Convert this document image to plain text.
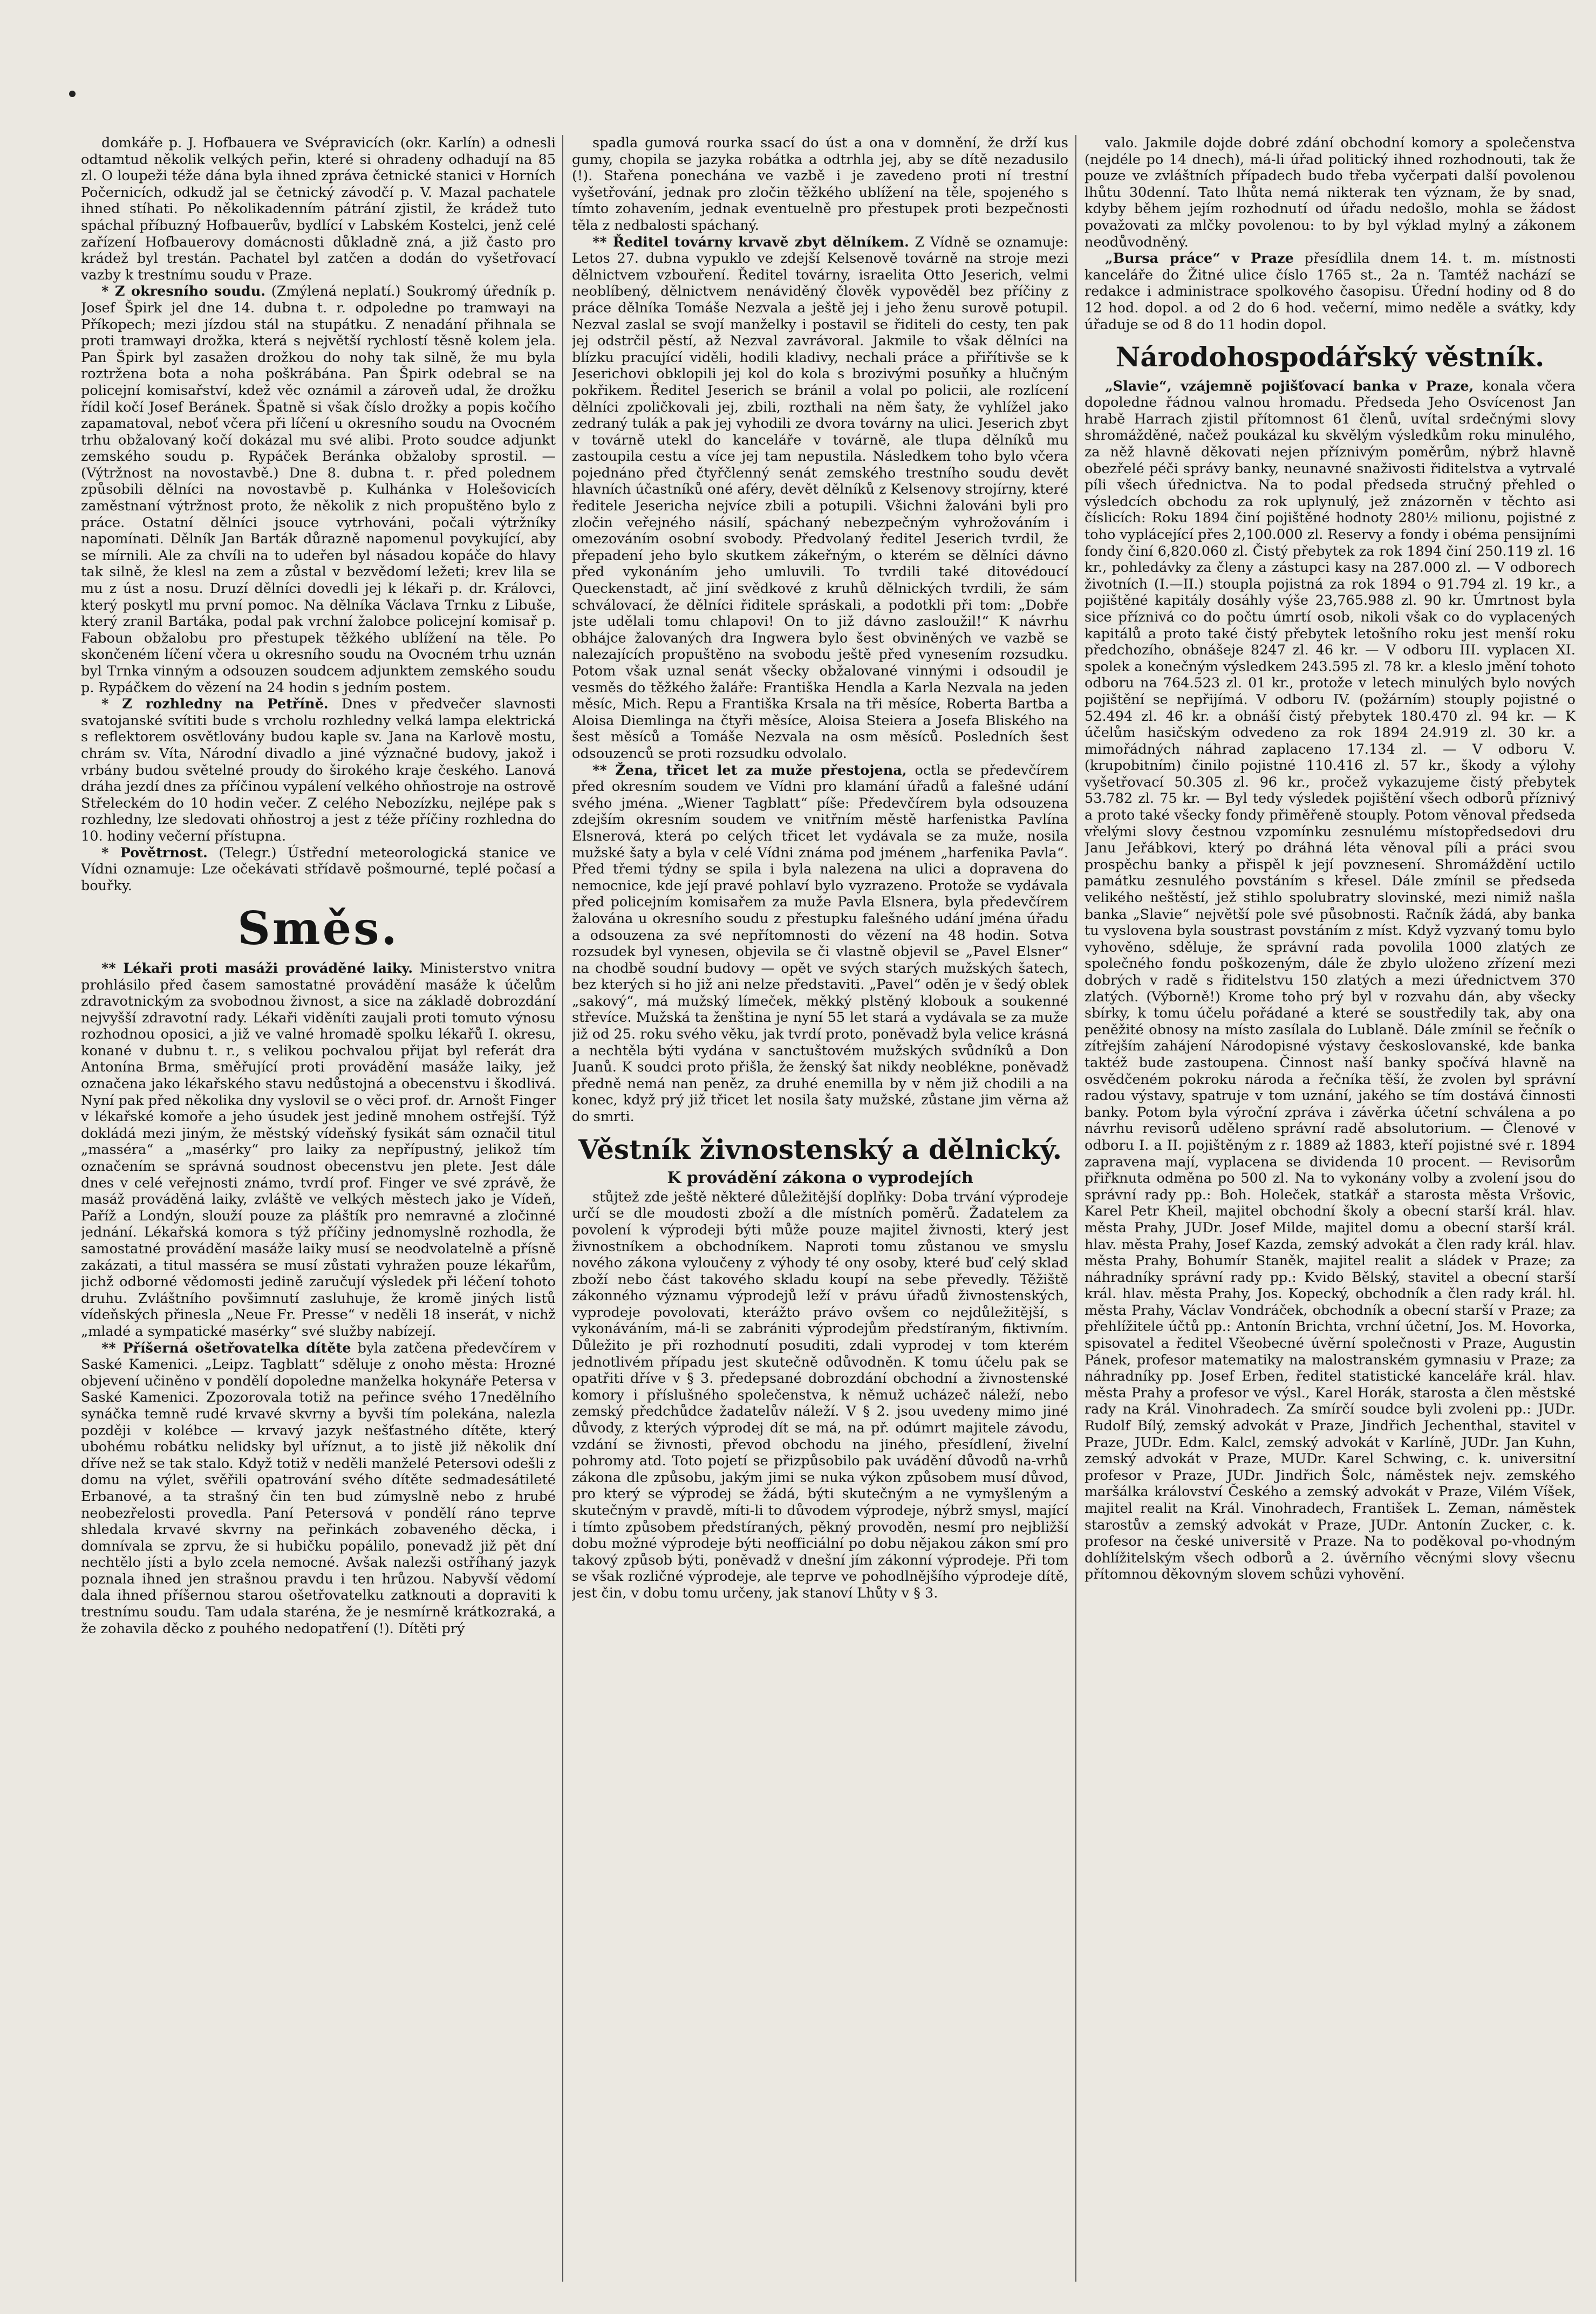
domkáře p. J. Hofbauera ve Svépravicích (okr. Karlín) a odnesli odtamtud několik velkých peřin, které si ohradeny odhadují na 85 zl. O loupeži téže dána byla ihned zpráva četnické stanici v Horních Počernicích, odkudž jal se četnický závodčí p. V. Mazal pachatele ihned stíhati. Po několikadenním pátrání zjistil, že krádež tuto spáchal příbuzný Hofbauerův, bydlící v Labském Kostelci, jenž celé zařízení Hofbauerovy domácnosti důkladně zná, a již často pro krádež byl trestán. Pachatel byl zatčen a dodán do vyšetřovací vazby k trestnímu soudu v Praze.

* Z okresního soudu. (Zmýlená neplatí.) Soukromý úředník p. Josef Špirk jel dne 14. dubna t. r. odpoledne po tramwayi na Příkopech; mezi jízdou stál na stupátku. Z nenadání přihnala se proti tramwayi drožka, která s největší rychlostí těsně kolem jela. Pan Špirk byl zasažen drožkou do nohy tak silně, že mu byla roztržena bota a noha poškrábána. Pan Špirk odebral se na policejní komisařství, kdež věc oznámil a zároveň udal, že drožku řídil kočí Josef Beránek. Špatně si však číslo drožky a popis kočího zapamatoval, neboť včera při líčení u okresního soudu na Ovocném trhu obžalovaný kočí dokázal mu své alibi. Proto soudce adjunkt zemského soudu p. Rypáček Beránka obžaloby sprostil. — (Výtržnost na novostavbě.) Dne 8. dubna t. r. před polednem způsobili dělníci na novostavbě p. Kulhánka v Holešovicích zaměstnaní výtržnost proto, že několik z nich propuštěno bylo z práce. Ostatní dělníci jsouce vytrhováni, počali výtržníky napomínati. Dělník Jan Barták důrazně napomenul povykující, aby se mírnili. Ale za chvíli na to udeřen byl násadou kopáče do hlavy tak silně, že klesl na zem a zůstal v bezvědomí ležeti; krev lila se mu z úst a nosu. Druzí dělníci dovedli jej k lékaři p. dr. Královci, který poskytl mu první pomoc. Na dělníka Václava Trnku z Libuše, který zranil Bartáka, podal pak vrchní žalobce policejní komisař p. Faboun obžalobu pro přestupek těžkého ublížení na těle. Po skončeném líčení včera u okresního soudu na Ovocném trhu uznán byl Trnka vinným a odsouzen soudcem adjunktem zemského soudu p. Rypáčkem do vězení na 24 hodin s jedním postem.

* Z rozhledny na Petříně. Dnes v předvečer slavnosti svatojanské svítiti bude s vrcholu rozhledny velká lampa elektrická s reflektorem osvětlovány budou kaple sv. Jana na Karlově mostu, chrám sv. Víta, Národní divadlo a jiné význačné budovy, jakož i vrbány budou světelné proudy do širokého kraje českého. Lanová dráha jezdí dnes za příčinou vypálení velkého ohňostroje na ostrově Střeleckém do 10 hodin večer. Z celého Nebozízku, nejlépe pak s rozhledny, lze sledovati ohňostroj a jest z téže příčiny rozhledna do 10. hodiny večerní přístupna.

* Povětrnost. (Telegr.) Ústřední meteorologická stanice ve Vídni oznamuje: Lze očekávati střídavě pošmourné, teplé počasí a bouřky.

Směs.

** Lékaři proti masáži prováděné laiky. Ministerstvo vnitra prohlásilo před časem samostatné provádění masáže k účelům zdravotnickým za svobodnou živnost, a sice na základě dobrozdání nejvyšší zdravotní rady. Lékaři viděníti zaujali proti tomuto výnosu rozhodnou oposici, a již ve valné hromadě spolku lékařů I. okresu, konané v dubnu t. r., s velikou pochvalou přijat byl referát dra Antonína Brma, směřující proti provádění masáže laiky, jež označena jako lékařského stavu nedůstojná a obecenstvu i škodlivá. Nyní pak před několika dny vyslovil se o věci prof. dr. Arnošt Finger v lékařské komoře a jeho úsudek jest jedině mnohem ostřejší. Týž dokládá mezi jiným, že městský vídeňský fysikát sám označil titul „masséra“ a „masérky“ pro laiky za nepřípustný, jelikož tím označením se správná soudnost obecenstvu jen plete. Jest dále dnes v celé veřejnosti známo, tvrdí prof. Finger ve své zprávě, že masáž prováděná laiky, zvláště ve velkých městech jako je Vídeň, Paříž a Londýn, slouží pouze za pláštík pro nemravné a zločinné jednání. Lékařská komora s týž příčiny jednomyslně rozhodla, že samostatné provádění masáže laiky musí se neodvolatelně a přísně zakázati, a titul masséra se musí zůstati vyhražen pouze lékařům, jichž odborné vědomosti jedině zaručují výsledek při léčení tohoto druhu. Zvláštního povšimnutí zasluhuje, že kromě jiných listů vídeňských přinesla „Neue Fr. Presse“ v neděli 18 inserát, v nichž „mladé a sympatické masérky“ své služby nabízejí.

** Příšerná ošetřovatelka dítěte byla zatčena předevčírem v Saské Kamenici. „Leipz. Tagblatt“ sděluje z onoho města: Hrozné objevení učiněno v pondělí dopoledne manželka hokynáře Petersa v Saské Kamenici. Zpozorovala totiž na peřince svého 17nedělního synáčka temně rudé krvavé skvrny a byvši tím polekána, nalezla později v kolébce — krvavý jazyk nešťastného dítěte, který ubohému robátku nelidsky byl uříznut, a to jistě již několik dní dříve než se tak stalo. Když totiž v neděli manželé Petersovi odešli z domu na výlet, svěřili opatrování svého dítěte sedmadesátileté Erbanové, a ta strašný čin ten bud zúmyslně nebo z hrubé neobezřelosti provedla. Paní Petersová v pondělí ráno teprve shledala krvavé skvrny na peřinkách zobaveného děcka, i domnívala se zprvu, že si hubičku popálilo, ponevadž již pět dní nechtělo jísti a bylo zcela nemocné. Avšak nalezši ostříhaný jazyk poznala ihned jen strašnou pravdu i ten hrůzou. Nabyvší vědomí dala ihned příšernou starou ošetřovatelku zatknouti a dopraviti k trestnímu soudu. Tam udala staréna, že je nesmírně krátkozraká, a že zohavila děcko z pouhého nedopatření (!). Dítěti prý

spadla gumová rourka ssací do úst a ona v domnění, že drží kus gumy, chopila se jazyka robátka a odtrhla jej, aby se dítě nezadusilo (!). Stařena ponechána ve vazbě i je zavedeno proti ní trestní vyšetřování, jednak pro zločin těžkého ublížení na těle, spojeného s tímto zohavením, jednak eventuelně pro přestupek proti bezpečnosti těla z nedbalosti spáchaný.

** Ředitel továrny krvavě zbyt dělníkem. Z Vídně se oznamuje: Letos 27. dubna vypuklo ve zdejší Kelsenově továrně na stroje mezi dělnictvem vzbouření. Ředitel továrny, israelita Otto Jeserich, velmi neoblíbený, dělnictvem nenáviděný člověk vypověděl bez příčiny z práce dělníka Tomáše Nezvala a ještě jej i jeho ženu surově potupil. Nezval zaslal se svojí manželky i postavil se řiditeli do cesty, ten pak jej odstrčil pěstí, až Nezval zavrávoral. Jakmile to však dělníci na blízku pracující viděli, hodili kladivy, nechali práce a přiřítivše se k Jeserichovi obklopili jej kol do kola s brozivými posuňky a hlučným pokřikem. Ředitel Jeserich se bránil a volal po policii, ale rozlícení dělníci zpoličkovali jej, zbili, rozthali na něm šaty, že vyhlížel jako zedraný tulák a pak jej vyhodili ze dvora továrny na ulici. Jeserich zbyt v továrně utekl do kanceláře v továrně, ale tlupa dělníků mu zastoupila cestu a více jej tam nepustila. Následkem toho bylo včera pojednáno před čtyřčlenný senát zemského trestního soudu devět hlavních účastníků oné aféry, devět dělníků z Kelsenovy strojírny, které ředitele Jesericha nejvíce zbili a potupili. Všichni žalováni byli pro zločin veřejného násilí, spáchaný nebezpečným vyhrožováním i omezováním osobní svobody. Předvolaný ředitel Jeserich tvrdil, že přepadení jeho bylo skutkem zákeřným, o kterém se dělníci dávno před vykonáním jeho umluvili. To tvrdili také ditovédoucí Queckenstadt, ač jiní svědkové z kruhů dělnických tvrdili, že sám schválovací, že dělníci řiditele spráskali, a podotkli při tom: „Dobře jste udělali tomu chlapovi! On to již dávno zasloužil!“ K návrhu obhájce žalovaných dra Ingwera bylo šest obviněných ve vazbě se nalezajících propuštěno na svobodu ještě před vynesením rozsudku. Potom však uznal senát všecky obžalované vinnými i odsoudil je vesměs do těžkého žaláře: Františka Hendla a Karla Nezvala na jeden měsíc, Mich. Repu a Františka Krsala na tři měsíce, Roberta Bartba a Aloisa Diemlinga na čtyři měsíce, Aloisa Steiera a Josefa Bliského na šest měsíců a Tomáše Nezvala na osm měsíců. Posledních šest odsouzenců se proti rozsudku odvolalo.

** Žena, třicet let za muže přestojena, octla se předevčírem před okresním soudem ve Vídni pro klamání úřadů a falešné udání svého jména. „Wiener Tagblatt“ píše: Předevčírem byla odsouzena zdejším okresním soudem ve vnitřním městě harfenistka Pavlína Elsnerová, která po celých třicet let vydávala se za muže, nosila mužské šaty a byla v celé Vídni známa pod jménem „harfenika Pavla“. Před třemi týdny se spila i byla nalezena na ulici a dopravena do nemocnice, kde její pravé pohlaví bylo vyzrazeno. Protože se vydávala před policejním komisařem za muže Pavla Elsnera, byla předevčírem žalována u okresního soudu z přestupku falešného udání jména úřadu a odsouzena za své nepřítomnosti do vězení na 48 hodin. Sotva rozsudek byl vynesen, objevila se či vlastně objevil se „Pavel Elsner“ na chodbě soudní budovy — opět ve svých starých mužských šatech, bez kterých si ho již ani nelze představiti. „Pavel“ oděn je v šedý oblek „sakový“, má mužský límeček, měkký plstěný klobouk a soukenné střevíce. Mužská ta ženština je nyní 55 let stará a vydávala se za muže již od 25. roku svého věku, jak tvrdí proto, poněvadž byla velice krásná a nechtěla býti vydána v sanctuštovém mužských svůdníků a Don Juanů. K soudci proto přišla, že ženský šat nikdy neoblékne, poněvadž předně nemá nan peněz, za druhé enemilla by v něm již chodili a na konec, když prý již třicet let nosila šaty mužské, zůstane jim věrna až do smrti.

Věstník živnostenský a dělnický.
K provádění zákona o vyprodejích

stůjtež zde ještě některé důležitější doplňky: Doba trvání výprodeje určí se dle moudosti zboží a dle místních poměrů. Žadatelem za povolení k výprodeji býti může pouze majitel živnosti, který jest živnostníkem a obchodníkem. Naproti tomu zůstanou ve smyslu nového zákona vyloučeny z výhody té ony osoby, které buď celý sklad zboží nebo část takového skladu koupí na sebe převedly. Těžiště zákonného významu výprodejů leží v právu úřadů živnostenských, vyprodeje povolovati, kterážto právo ovšem co nejdůležitější, s vykonáváním, má-li se zabrániti výprodejům předstíraným, fiktivním. Důležito je při rozhodnutí posuditi, zdali vyprodej v tom kterém jednotlivém případu jest skutečně odůvodněn. K tomu účelu pak se opatřiti dříve v § 3. předepsané dobrozdání obchodní a živnostenské komory i příslušného společenstva, k němuž ucházeč náleží, nebo zemský předchůdce žadatelův náleží. V § 2. jsou uvedeny mimo jiné důvody, z kterých výprodej dít se má, na př. odúmrt majitele závodu, vzdání se živnosti, převod obchodu na jiného, přesídlení, živelní pohromy atd. Toto pojetí se přizpůsobilo pak uvádění důvodů na-vrhů zákona dle způsobu, jakým jimi se nuka výkon způsobem musí důvod, pro který se výprodej se žádá, býti skutečným a ne vymyšleným a skutečným v pravdě, míti-li to důvodem výprodeje, nýbrž smysl, mající i tímto způsobem předstíraných, pěkný provoděn, nesmí pro nejbližší dobu možné výprodeje býti neofficiální po dobu nějakou zákon smí pro takový způsob býti, poněvadž v dnešní jím zákonní výprodeje. Při tom se však rozličné výprodeje, ale teprve ve pohodlnějšího výprodeje dítě, jest čin, v dobu tomu určeny, jak stanoví Lhůty v § 3.

valo. Jakmile dojde dobré zdání obchodní komory a společenstva (nejdéle po 14 dnech), má-li úřad politický ihned rozhodnouti, tak že pouze ve zvláštních případech budo třeba vyčerpati další povolenou lhůtu 30denní. Tato lhůta nemá nikterak ten význam, že by snad, kdyby během jejím rozhodnutí od úřadu nedošlo, mohla se žádost považovati za mlčky povolenou: to by byl výklad mylný a zákonem neodůvodněný.

„Bursa práce“ v Praze přesídlila dnem 14. t. m. místnosti kanceláře do Žitné ulice číslo 1765 st., 2a n. Tamtéž nachází se redakce i administrace spolkového časopisu. Úřední hodiny od 8 do 12 hod. dopol. a od 2 do 6 hod. večerní, mimo neděle a svátky, kdy úřaduje se od 8 do 11 hodin dopol.

Národohospodářský věstník.

„Slavie“, vzájemně pojišťovací banka v Praze, konala včera dopoledne řádnou valnou hromadu. Předseda Jeho Osvícenost Jan hrabě Harrach zjistil přítomnost 61 členů, uvítal srdečnými slovy shromážděné, načež poukázal ku skvělým výsledkům roku minulého, za něž hlavně děkovati nejen příznivým poměrům, nýbrž hlavně obezřelé péči správy banky, neunavné snaživosti řiditelstva a vytrvalé píli všech úřednictva. Na to podal předseda stručný přehled o výsledcích obchodu za rok uplynulý, jež znázorněn v těchto asi číslicích: Roku 1894 činí pojištěné hodnoty 280½ milionu, pojistné z toho vyplácející přes 2,100.000 zl. Reservy a fondy i obéma pensijními fondy činí 6,820.060 zl. Čistý přebytek za rok 1894 činí 250.119 zl. 16 kr., pohledávky za členy a zástupci kasy na 287.000 zl. — V odborech životních (I.—II.) stoupla pojistná za rok 1894 o 91.794 zl. 19 kr., a pojištěné kapitály dosáhly výše 23,765.988 zl. 90 kr. Úmrtnost byla sice příznivá co do počtu úmrtí osob, nikoli však co do vyplacených kapitálů a proto také čistý přebytek letošního roku jest menší roku předchozího, obnášeje 8247 zl. 46 kr. — V odboru III. vyplacen XI. spolek a konečným výsledkem 243.595 zl. 78 kr. a kleslo jmění tohoto odboru na 764.523 zl. 01 kr., protože v letech minulých bylo nových pojištění se nepřijímá. V odboru IV. (požárním) stouply pojistné o 52.494 zl. 46 kr. a obnáší čistý přebytek 180.470 zl. 94 kr. — K účelům hasičským odvedeno za rok 1894 24.919 zl. 30 kr. a mimořádných náhrad zaplaceno 17.134 zl. — V odboru V. (krupobitním) činilo pojistné 110.416 zl. 57 kr., škody a výlohy vyšetřovací 50.305 zl. 96 kr., pročež vykazujeme čistý přebytek 53.782 zl. 75 kr. — Byl tedy výsledek pojištění všech odborů příznivý a proto také všecky fondy přiměřeně stouply. Potom věnoval předseda vřelými slovy čestnou vzpomínku zesnulému místopředsedovi dru Janu Jeřábkovi, který po dráhná léta věnoval píli a práci svou prospěchu banky a přispěl k její povznesení. Shromáždění uctilo památku zesnulého povstáním s křesel. Dále zmínil se předseda velikého neštěstí, jež stihlo spolubratry slovinské, mezi nimiž našla banka „Slavie“ největší pole své působnosti. Račník žádá, aby banka tu vyslovena byla soustrast povstáním z míst. Když vyzvaný tomu bylo vyhověno, sděluje, že správní rada povolila 1000 zlatých ze společného fondu poškozeným, dále že zbylo uloženo zřízení mezi dobrých v radě s řiditelstvu 150 zlatých a mezi úřednictvem 370 zlatých. (Výborně!) Krome toho prý byl v rozvahu dán, aby všecky sbírky, k tomu účelu pořádané a které se soustředily tak, aby ona peněžité obnosy na místo zasílala do Lublaně. Dále zmínil se řečník o zítřejším zahájení Národopisné výstavy českoslovanské, kde banka taktéž bude zastoupena. Činnost naší banky spočívá hlavně na osvědčeném pokroku národa a řečníka těší, že zvolen byl správní radou výstavy, spatruje v tom uznání, jakého se tím dostává činnosti banky. Potom byla výroční zpráva i závěrka účetní schválena a po návrhu revisorů uděleno správní radě absolutorium. — Členové v odboru I. a II. pojištěným z r. 1889 až 1883, kteří pojistné své r. 1894 zapravena mají, vyplacena se dividenda 10 procent. — Revisorům přiřknuta odměna po 500 zl. Na to vykonány volby a zvolení jsou do správní rady pp.: Boh. Holeček, statkář a starosta města Vršovic, Karel Petr Kheil, majitel obchodní školy a obecní starší král. hlav. města Prahy, JUDr. Josef Milde, majitel domu a obecní starší král. hlav. města Prahy, Josef Kazda, zemský advokát a člen rady král. hlav. města Prahy, Bohumír Staněk, majitel realit a sládek v Praze; za náhradníky správní rady pp.: Kvido Bělský, stavitel a obecní starší král. hlav. města Prahy, Jos. Kopecký, obchodník a člen rady král. hl. města Prahy, Václav Vondráček, obchodník a obecní starší v Praze; za přehlížitele účtů pp.: Antonín Brichta, vrchní účetní, Jos. M. Hovorka, spisovatel a ředitel Všeobecné úvěrní společnosti v Praze, Augustin Pánek, profesor matematiky na malostranském gymnasiu v Praze; za náhradníky pp. Josef Erben, ředitel statistické kanceláře král. hlav. města Prahy a profesor ve výsl., Karel Horák, starosta a člen městské rady na Král. Vinohradech. Za smírčí soudce byli zvoleni pp.: JUDr. Rudolf Bílý, zemský advokát v Praze, Jindřich Jechenthal, stavitel v Praze, JUDr. Edm. Kalcl, zemský advokát v Karlíně, JUDr. Jan Kuhn, zemský advokát v Praze, MUDr. Karel Schwing, c. k. universitní profesor v Praze, JUDr. Jindřich Šolc, náměstek nejv. zemského maršálka království Českého a zemský advokát v Praze, Vilém Víšek, majitel realit na Král. Vinohradech, František L. Zeman, náměstek starostův a zemský advokát v Praze, JUDr. Antonín Zucker, c. k. profesor na české universitě v Praze. Na to poděkoval po-vhodným dohlížitelským všech odborů a 2. úvěrního věcnými slovy všecnu přítomnou děkovným slovem schůzi vyhovění.
